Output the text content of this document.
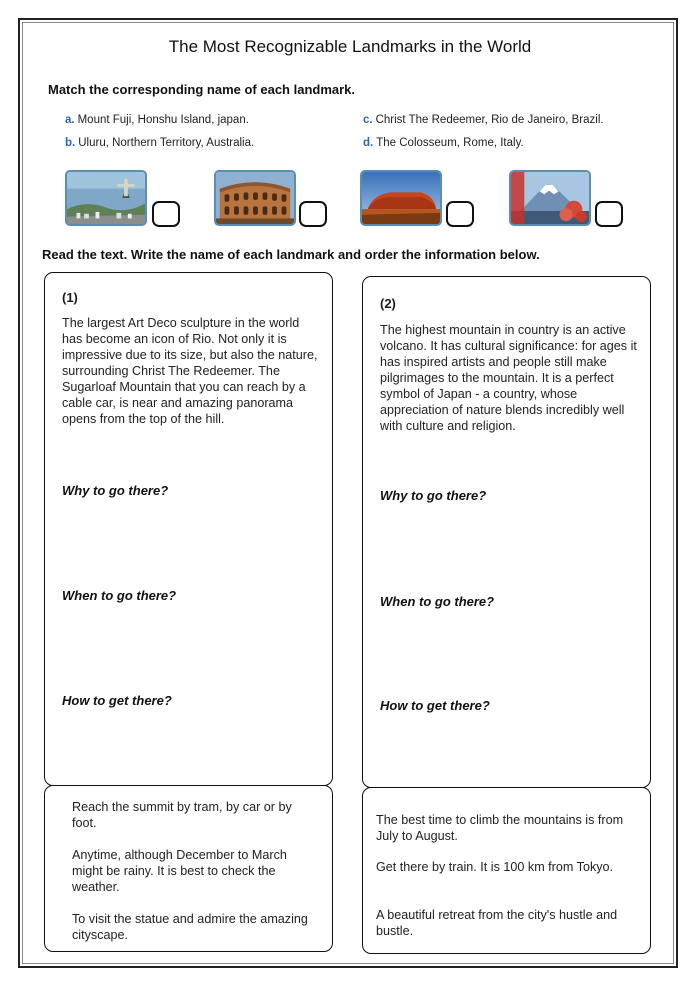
The Most Recognizable Landmarks in the World
Match the corresponding name of each landmark.
a. Mount Fuji, Honshu Island, japan.
b. Uluru, Northern Territory, Australia.
c. Christ The Redeemer, Rio de Janeiro, Brazil.
d. The Colosseum, Rome, Italy.
Read the text. Write the name of each landmark and order the information below.
(1)
The largest Art Deco sculpture in the world has become an icon of Rio. Not only it is impressive due to its size, but also the nature, surrounding Christ The Redeemer. The Sugarloaf Mountain that you can reach by a cable car, is near and amazing panorama opens from the top of the hill.
Why to go there?
When to go there?
How to get there?
Reach the summit by tram, by car or by foot.
Anytime, although December to March might be rainy. It is best to check the weather.
To visit the statue and admire the amazing cityscape.
(2)
The highest mountain in country is an active volcano. It has cultural significance: for ages it has inspired artists and people still make pilgrimages to the mountain. It is a perfect symbol of Japan - a country, whose appreciation of nature blends incredibly well with culture and religion.
Why to go there?
When to go there?
How to get there?
The best time to climb the mountains is from July to August.
Get there by train. It is 100 km from Tokyo.
A beautiful retreat from the city's hustle and bustle.
